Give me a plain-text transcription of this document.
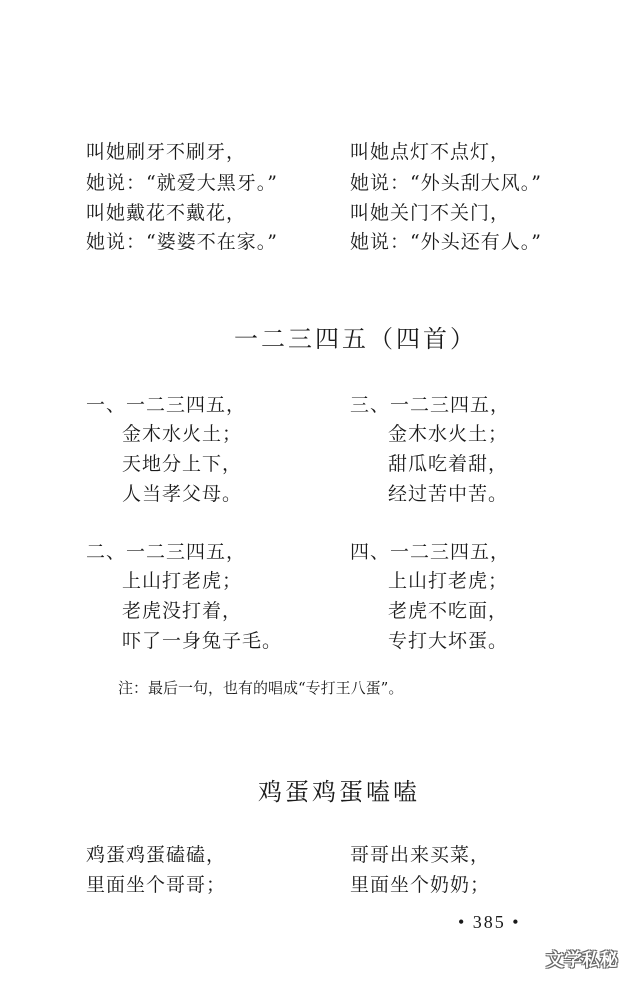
叫她刷牙不刷牙，
她说：“就爱大黑牙。”
叫她戴花不戴花，
她说：“婆婆不在家。”
叫她点灯不点灯，
她说：“外头刮大风。”
叫她关门不关门，
她说：“外头还有人。”
一二三四五（四首）
一、一二三四五，
金木水火土；
天地分上下，
人当孝父母。
三、一二三四五，
金木水火土；
甜瓜吃着甜，
经过苦中苦。
二、一二三四五，
上山打老虎；
老虎没打着，
吓了一身兔子毛。
四、一二三四五，
上山打老虎；
老虎不吃面，
专打大坏蛋。
注：最后一句，也有的唱成“专打王八蛋”。
鸡蛋鸡蛋嗑嗑
鸡蛋鸡蛋磕磕，
里面坐个哥哥；
哥哥出来买菜，
里面坐个奶奶；
• 385 •
文学私秘
